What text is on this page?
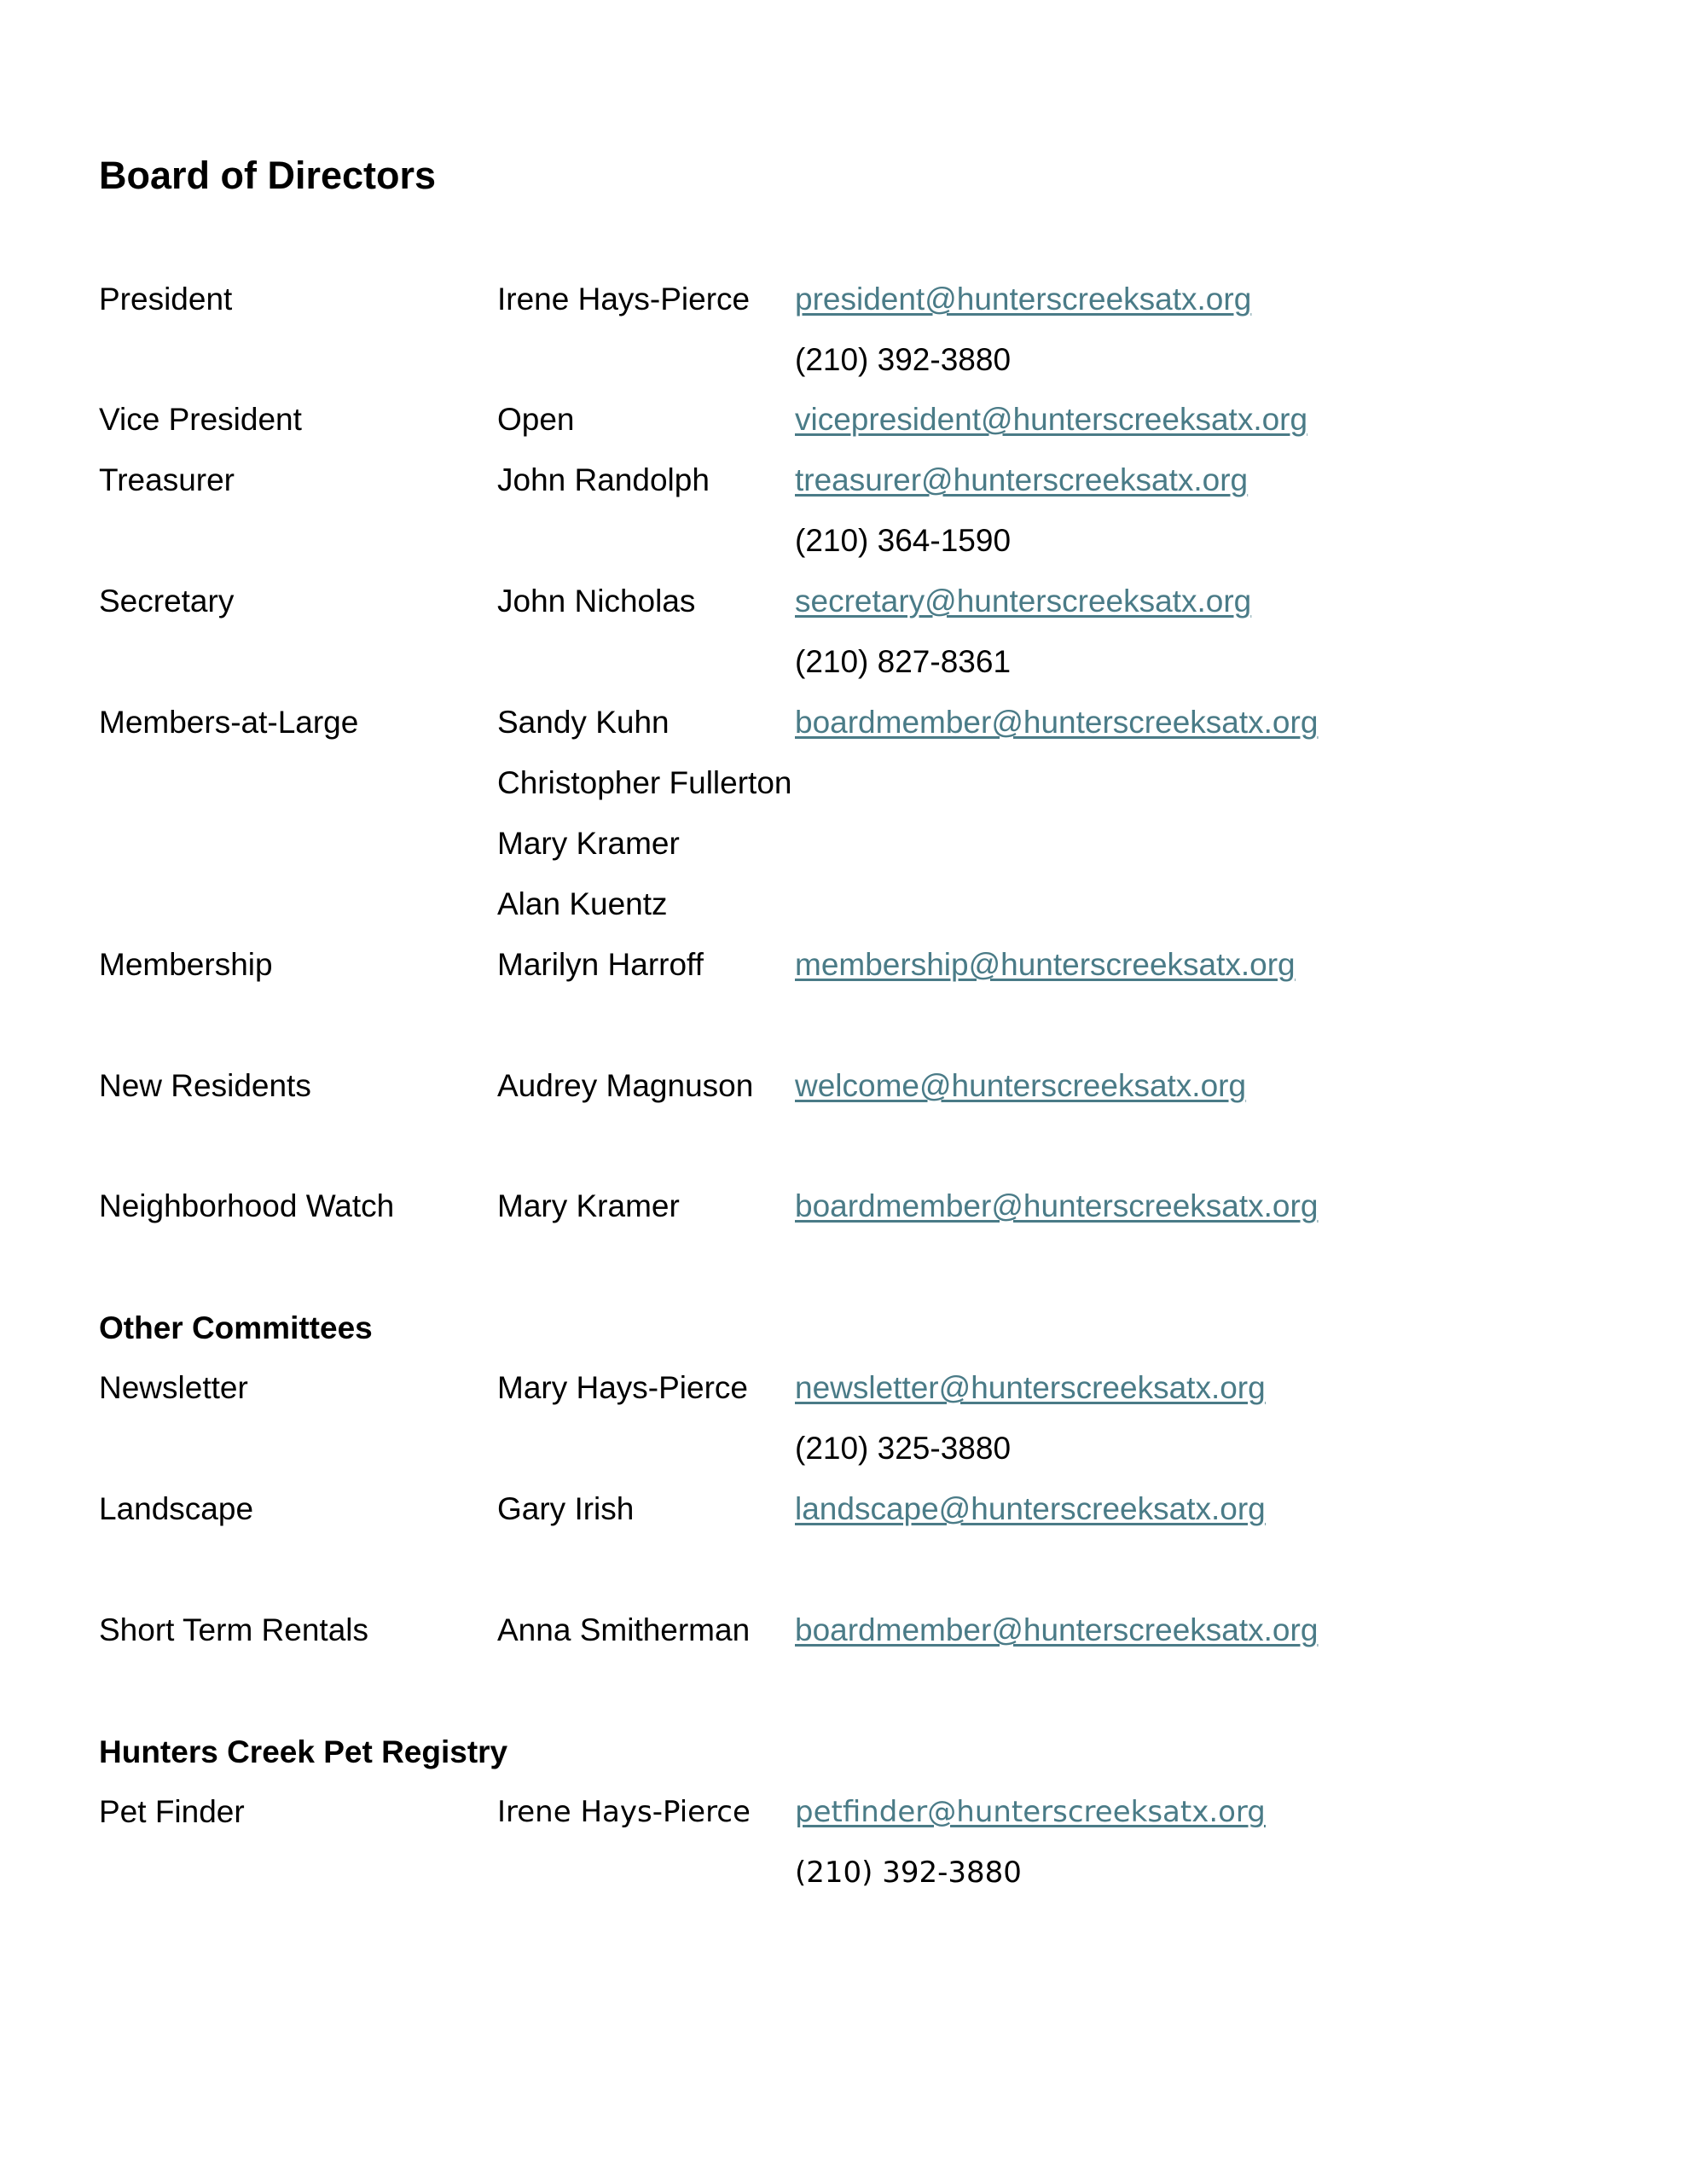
Board of Directors
President	Irene Hays-Pierce president@hunterscreeksatx.org
(210) 392-3880
Vice President	Open	vicepresident@hunterscreeksatx.org
Treasurer	John Randolph	treasurer@hunterscreeksatx.org
(210) 364-1590
Secretary	John Nicholas	secretary@hunterscreeksatx.org
(210) 827-8361
Members-at-Large	Sandy Kuhn	boardmember@hunterscreeksatx.org
Christopher Fullerton
Mary Kramer
Alan Kuentz
Membership	Marilyn Harroff	membership@hunterscreeksatx.org
New Residents	Audrey Magnuson welcome@hunterscreeksatx.org
Neighborhood Watch	Mary Kramer	boardmember@hunterscreeksatx.org
Other Committees
Newsletter	Mary Hays-Pierce newsletter@hunterscreeksatx.org
(210) 325-3880
Landscape	Gary Irish	landscape@hunterscreeksatx.org
Short Term Rentals	Anna Smitherman boardmember@hunterscreeksatx.org
Hunters Creek Pet Registry
Pet Finder	Irene Hays-Pierce petfinder@hunterscreeksatx.org
(210) 392-3880
